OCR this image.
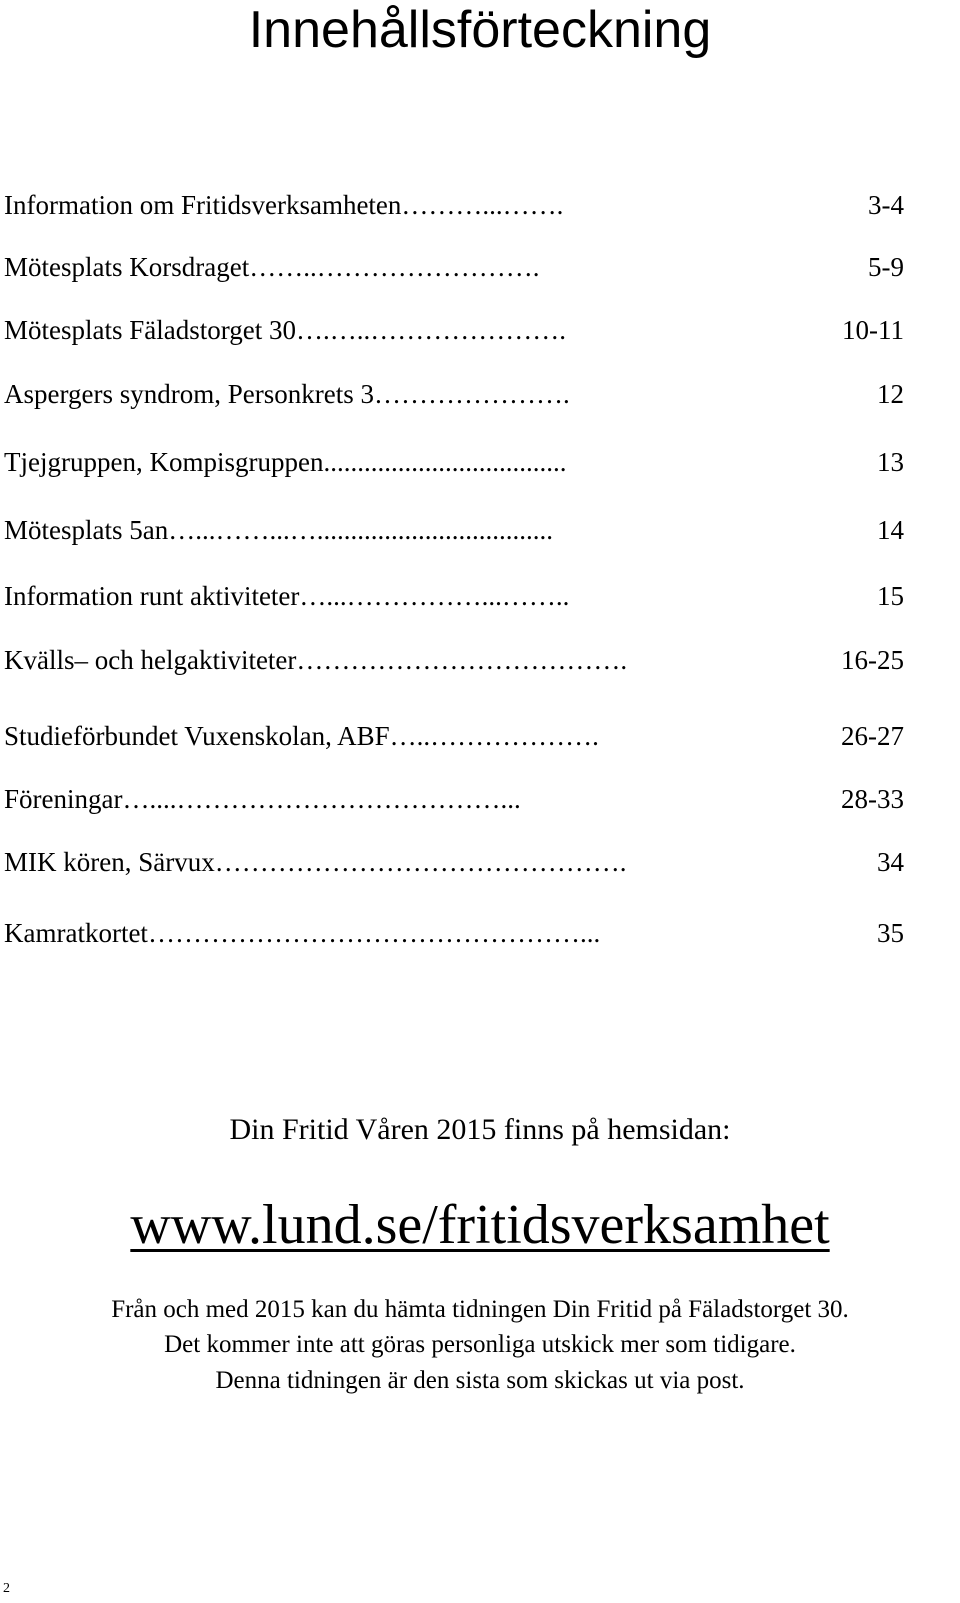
Innehållsförteckning
Information om Fritidsverksamheten………...…….	3-4
Mötesplats Korsdraget……..…………………….	5-9
Mötesplats Fäladstorget 30….…..………………….	10-11
Aspergers syndrom, Personkrets 3………………….	12
Tjejgruppen, Kompisgruppen....................................	13
Mötesplats 5an…...……...…...................................	14
Information runt aktiviteter…...……………...……..	15
Kvälls– och helgaktiviteter……………………………….	16-25
Studieförbundet Vuxenskolan, ABF…..……………….	26-27
Föreningar…....………………………………...	28-33
MIK kören, Särvux……………………………………….	34
Kamratkortet…………………………………………...	35
Din Fritid Våren 2015 finns på hemsidan:
www.lund.se/fritidsverksamhet
Från och med 2015 kan du hämta tidningen Din Fritid på Fäladstorget 30.
Det kommer inte att göras personliga utskick mer som tidigare.
Denna tidningen är den sista som skickas ut via post.
2
